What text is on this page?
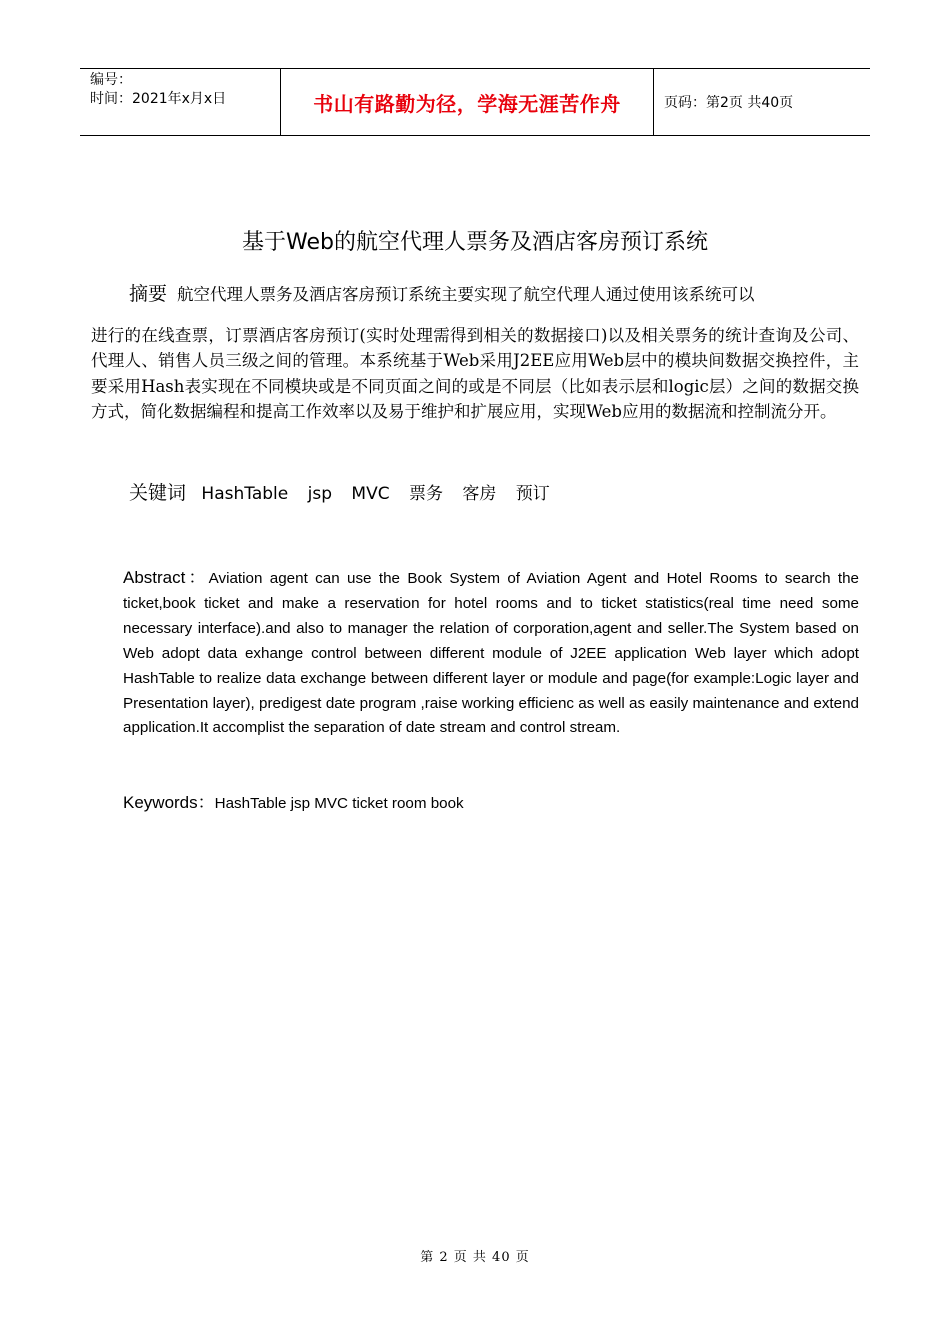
编号：
时间：2021年x月x日	书山有路勤为径，学海无涯苦作舟	页码：第2页 共40页
基于Web的航空代理人票务及酒店客房预订系统
摘要 航空代理人票务及酒店客房预订系统主要实现了航空代理人通过使用该系统可以
进行的在线查票，订票酒店客房预订(实时处理需得到相关的数据接口)以及相关票务的统计查询及公司、代理人、销售人员三级之间的管理。本系统基于Web采用J2EE应用Web层中的模块间数据交换控件，主要采用Hash表实现在不同模块或是不同页面之间的或是不同层（比如表示层和logic层）之间的数据交换方式，简化数据编程和提高工作效率以及易于维护和扩展应用，实现Web应用的数据流和控制流分开。
关键词 HashTable jsp MVC 票务 客房 预订
Abstract：Aviation agent can use the Book System of Aviation Agent and Hotel Rooms to search the ticket,book ticket and make a reservation for hotel rooms and to ticket statistics(real time need some necessary interface).and also to manager the relation of corporation,agent and seller.The System based on Web adopt data exhange control between different module of J2EE application Web layer which adopt HashTable to realize data exchange between different layer or module and page(for example:Logic layer and Presentation layer), predigest date program ,raise working efficienc as well as easily maintenance and extend application.It accomplist the separation of date stream and control stream.
Keywords：HashTable jsp MVC ticket room book
第 2 页 共 40 页
